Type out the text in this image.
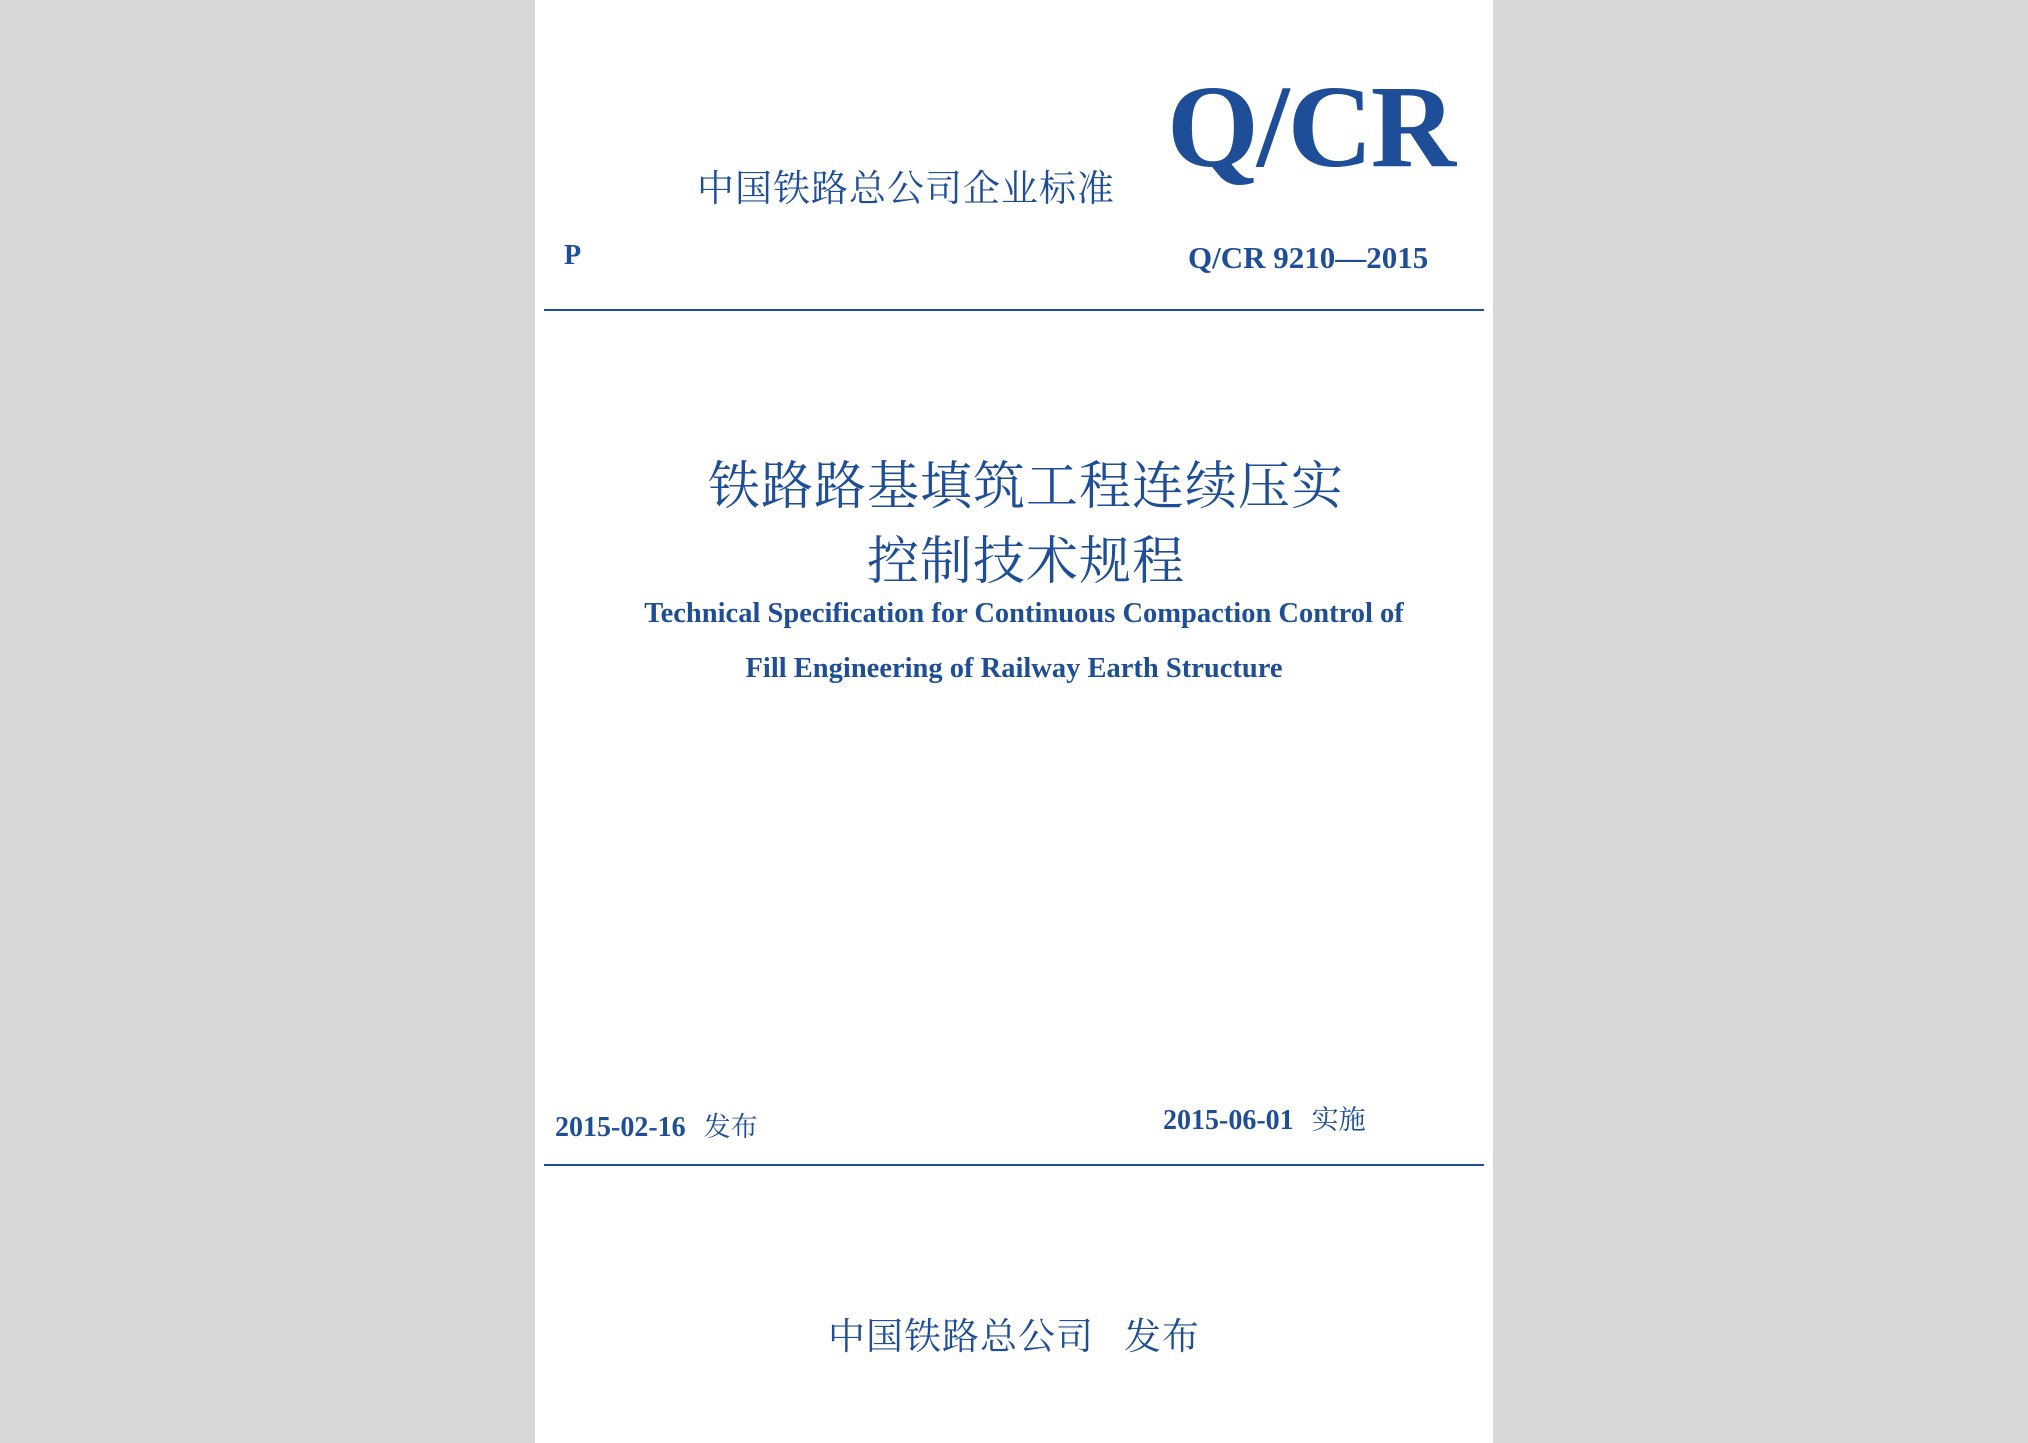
中国铁路总公司企业标准 Q/CR
P	Q/CR 9210—2015
铁路路基填筑工程连续压实
控制技术规程
Technical Specification for Continuous Compaction Control of
Fill Engineering of Railway Earth Structure
2015-02-16 发布	2015-06-01 实施
中国铁路总公司 发布
